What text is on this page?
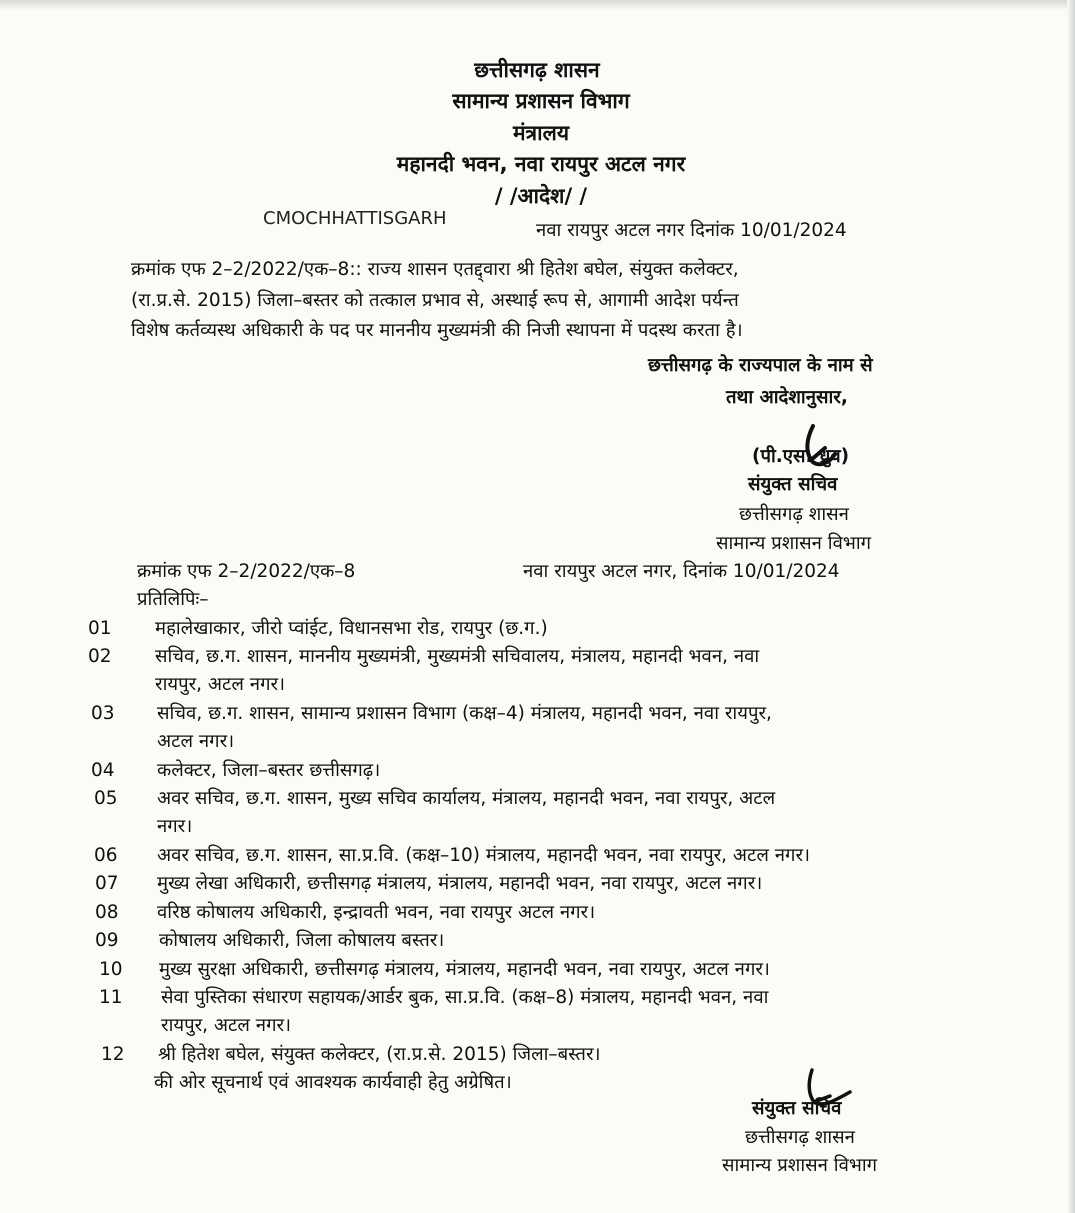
छत्तीसगढ़ शासन
सामान्य प्रशासन विभाग
मंत्रालय
महानदी भवन, नवा रायपुर अटल नगर
/ /आदेश/ /
CMOCHHATTISGARH
नवा रायपुर अटल नगर दिनांक 10/01/2024
क्रमांक एफ 2–2/2022/एक–8:: राज्य शासन एतद्द्वारा श्री हितेश बघेल, संयुक्त कलेक्टर,
(रा.प्र.से. 2015) जिला–बस्तर को तत्काल प्रभाव से, अस्थाई रूप से, आगामी आदेश पर्यन्त
विशेष कर्तव्यस्थ अधिकारी के पद पर माननीय मुख्यमंत्री की निजी स्थापना में पदस्थ करता है।
छत्तीसगढ़ के राज्यपाल के नाम से
तथा आदेशानुसार,
(पी.एस. ध्रुव)
संयुक्त सचिव
छत्तीसगढ़ शासन
सामान्य प्रशासन विभाग
क्रमांक एफ 2–2/2022/एक–8	नवा रायपुर अटल नगर, दिनांक 10/01/2024
प्रतिलिपिः–
01 महालेखाकार, जीरो प्वांईट, विधानसभा रोड, रायपुर (छ.ग.)
02 सचिव, छ.ग. शासन, माननीय मुख्यमंत्री, मुख्यमंत्री सचिवालय, मंत्रालय, महानदी भवन, नवा
रायपुर, अटल नगर।
03 सचिव, छ.ग. शासन, सामान्य प्रशासन विभाग (कक्ष–4) मंत्रालय, महानदी भवन, नवा रायपुर,
अटल नगर।
04 कलेक्टर, जिला–बस्तर छत्तीसगढ़।
05 अवर सचिव, छ.ग. शासन, मुख्य सचिव कार्यालय, मंत्रालय, महानदी भवन, नवा रायपुर, अटल
नगर।
06 अवर सचिव, छ.ग. शासन, सा.प्र.वि. (कक्ष–10) मंत्रालय, महानदी भवन, नवा रायपुर, अटल नगर।
07 मुख्य लेखा अधिकारी, छत्तीसगढ़ मंत्रालय, मंत्रालय, महानदी भवन, नवा रायपुर, अटल नगर।
08 वरिष्ठ कोषालय अधिकारी, इन्द्रावती भवन, नवा रायपुर अटल नगर।
09 कोषालय अधिकारी, जिला कोषालय बस्तर।
10 मुख्य सुरक्षा अधिकारी, छत्तीसगढ़ मंत्रालय, मंत्रालय, महानदी भवन, नवा रायपुर, अटल नगर।
11 सेवा पुस्तिका संधारण सहायक/आर्डर बुक, सा.प्र.वि. (कक्ष–8) मंत्रालय, महानदी भवन, नवा
रायपुर, अटल नगर।
12 श्री हितेश बघेल, संयुक्त कलेक्टर, (रा.प्र.से. 2015) जिला–बस्तर।
की ओर सूचनार्थ एवं आवश्यक कार्यवाही हेतु अग्रेषित।
संयुक्त सचिव
छत्तीसगढ़ शासन
सामान्य प्रशासन विभाग
